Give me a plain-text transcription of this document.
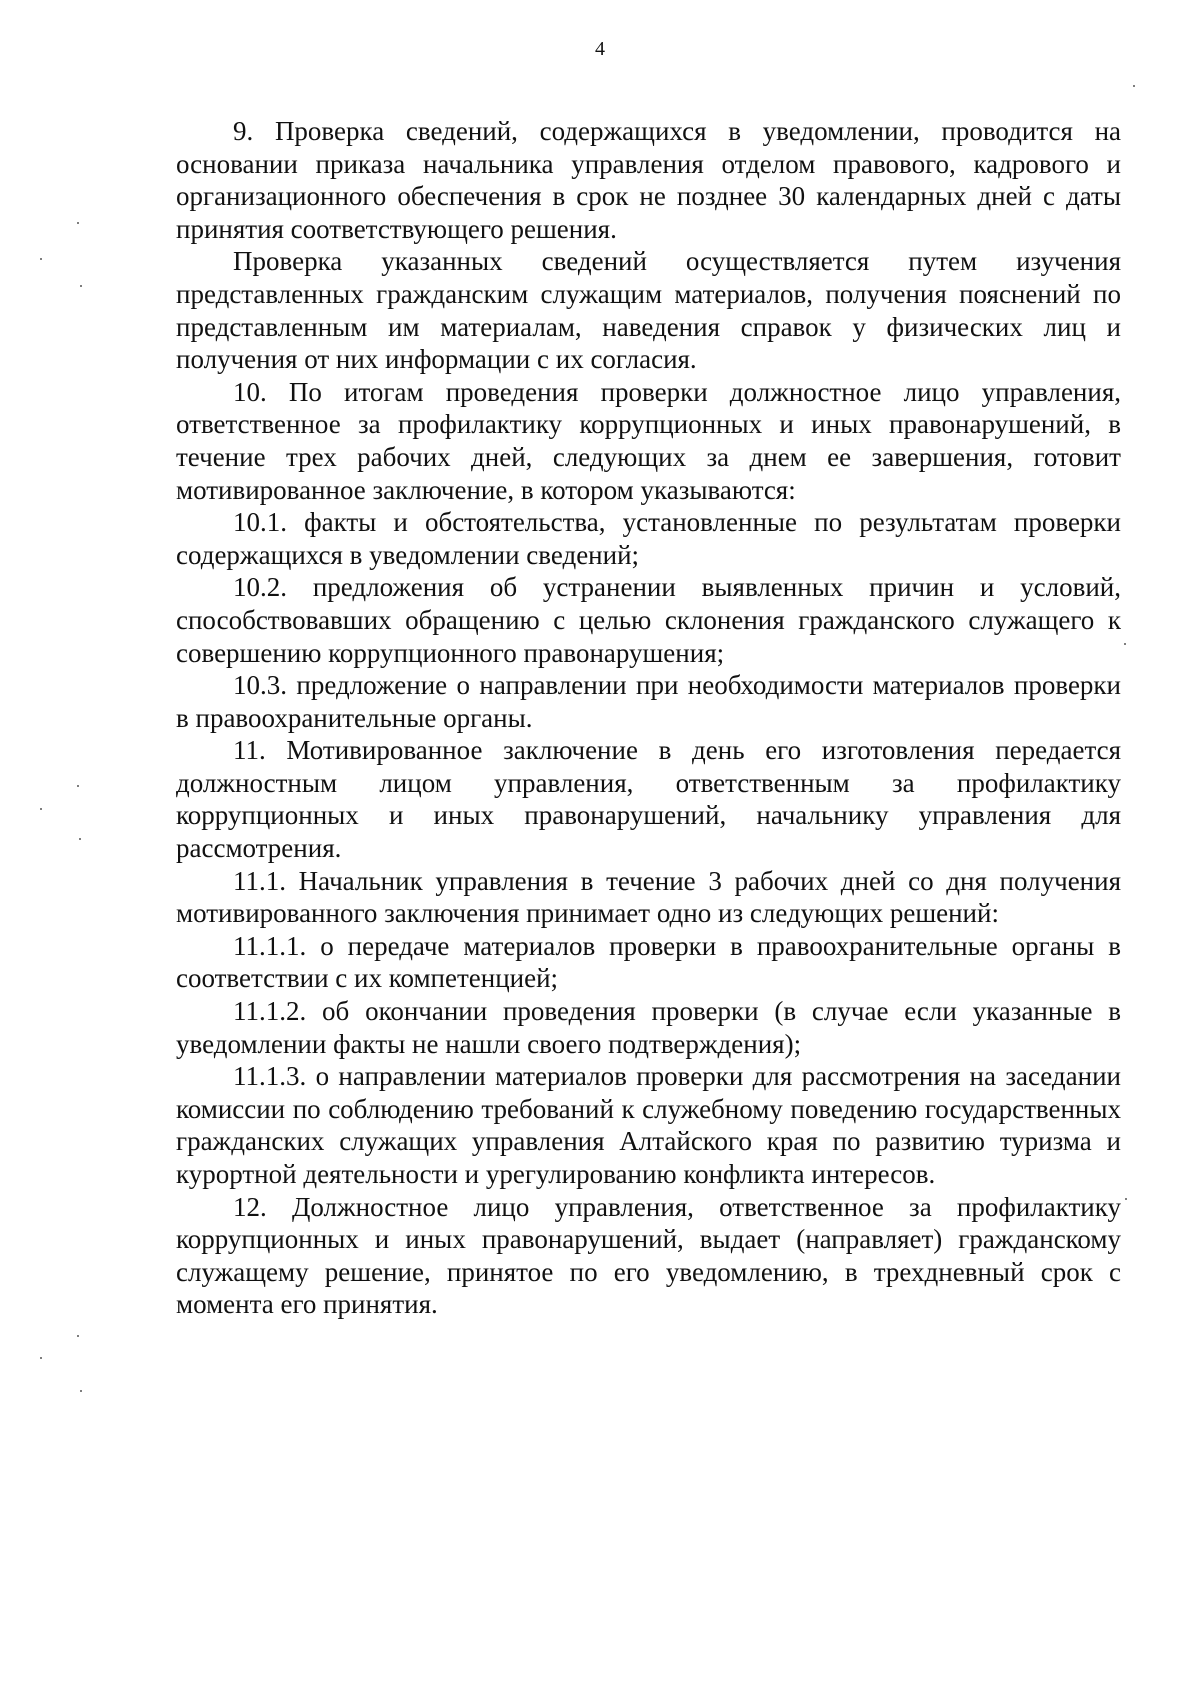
4

9. Проверка сведений, содержащихся в уведомлении, проводится на основании приказа начальника управления отделом правового, кадрового и организационного обеспечения в срок не позднее 30 календарных дней с даты принятия соответствующего решения.

Проверка указанных сведений осуществляется путем изучения представленных гражданским служащим материалов, получения пояснений по представленным им материалам, наведения справок у физических лиц и получения от них информации с их согласия.

10. По итогам проведения проверки должностное лицо управления, ответственное за профилактику коррупционных и иных правонарушений, в течение трех рабочих дней, следующих за днем ее завершения, готовит мотивированное заключение, в котором указываются:

10.1. факты и обстоятельства, установленные по результатам проверки содержащихся в уведомлении сведений;

10.2. предложения об устранении выявленных причин и условий, способствовавших обращению с целью склонения гражданского служащего к совершению коррупционного правонарушения;

10.3. предложение о направлении при необходимости материалов проверки в правоохранительные органы.

11. Мотивированное заключение в день его изготовления передается должностным лицом управления, ответственным за профилактику коррупционных и иных правонарушений, начальнику управления для рассмотрения.

11.1. Начальник управления в течение 3 рабочих дней со дня получения мотивированного заключения принимает одно из следующих решений:

11.1.1. о передаче материалов проверки в правоохранительные органы в соответствии с их компетенцией;

11.1.2. об окончании проведения проверки (в случае если указанные в уведомлении факты не нашли своего подтверждения);

11.1.3. о направлении материалов проверки для рассмотрения на заседании комиссии по соблюдению требований к служебному поведению государственных гражданских служащих управления Алтайского края по развитию туризма и курортной деятельности и урегулированию конфликта интересов.

12. Должностное лицо управления, ответственное за профилактику коррупционных и иных правонарушений, выдает (направляет) гражданскому служащему решение, принятое по его уведомлению, в трехдневный срок с момента его принятия.
